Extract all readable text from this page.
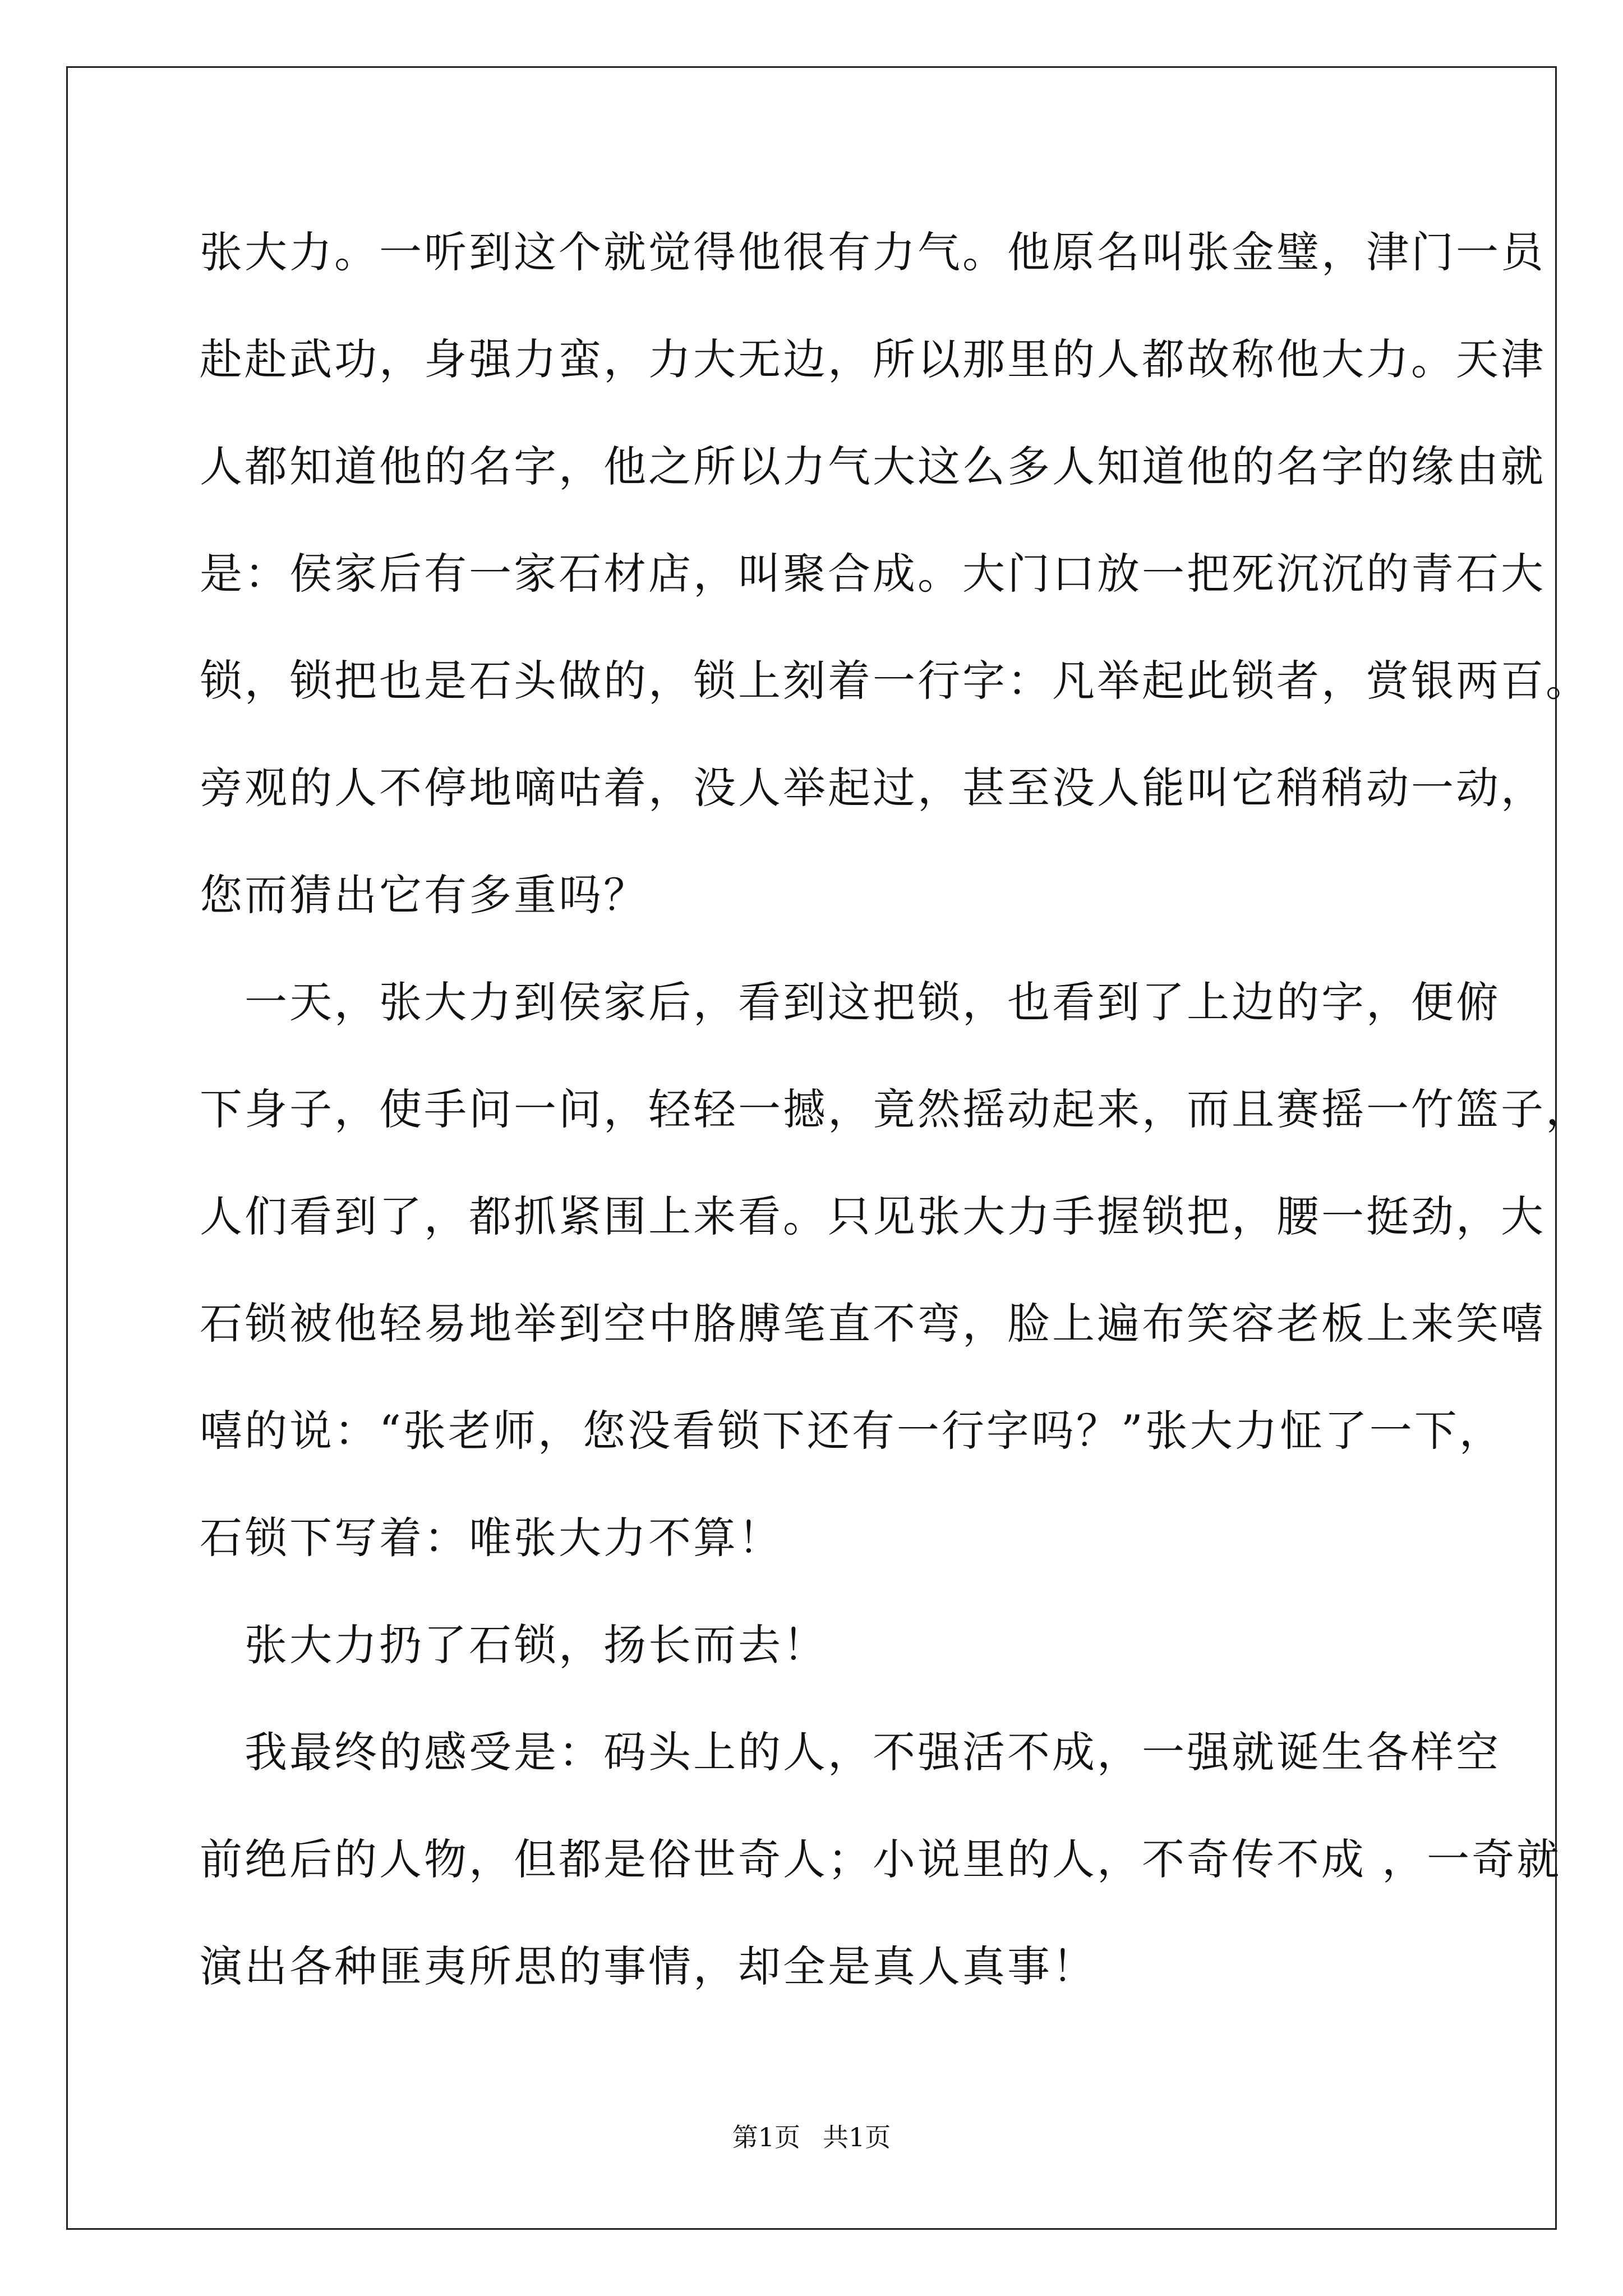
张大力。一听到这个就觉得他很有力气。他原名叫张金璧，津门一员
赴赴武功，身强力蛮，力大无边，所以那里的人都故称他大力。天津
人都知道他的名字，他之所以力气大这么多人知道他的名字的缘由就
是：侯家后有一家石材店，叫聚合成。大门口放一把死沉沉的青石大
锁，锁把也是石头做的，锁上刻着一行字：凡举起此锁者，赏银两百。
旁观的人不停地嘀咕着，没人举起过，甚至没人能叫它稍稍动一动，
您而猜出它有多重吗？
　一天，张大力到侯家后，看到这把锁，也看到了上边的字，便俯
下身子，使手问一问，轻轻一撼，竟然摇动起来，而且赛摇一竹篮子，
人们看到了，都抓紧围上来看。只见张大力手握锁把，腰一挺劲，大
石锁被他轻易地举到空中胳膊笔直不弯，脸上遍布笑容老板上来笑嘻
嘻的说：“张老师，您没看锁下还有一行字吗？”张大力怔了一下，
石锁下写着：唯张大力不算！
　张大力扔了石锁，扬长而去！
　我最终的感受是：码头上的人，不强活不成，一强就诞生各样空
前绝后的人物，但都是俗世奇人；小说里的人，不奇传不成 ，一奇就
演出各种匪夷所思的事情，却全是真人真事！
第1页 共1页
